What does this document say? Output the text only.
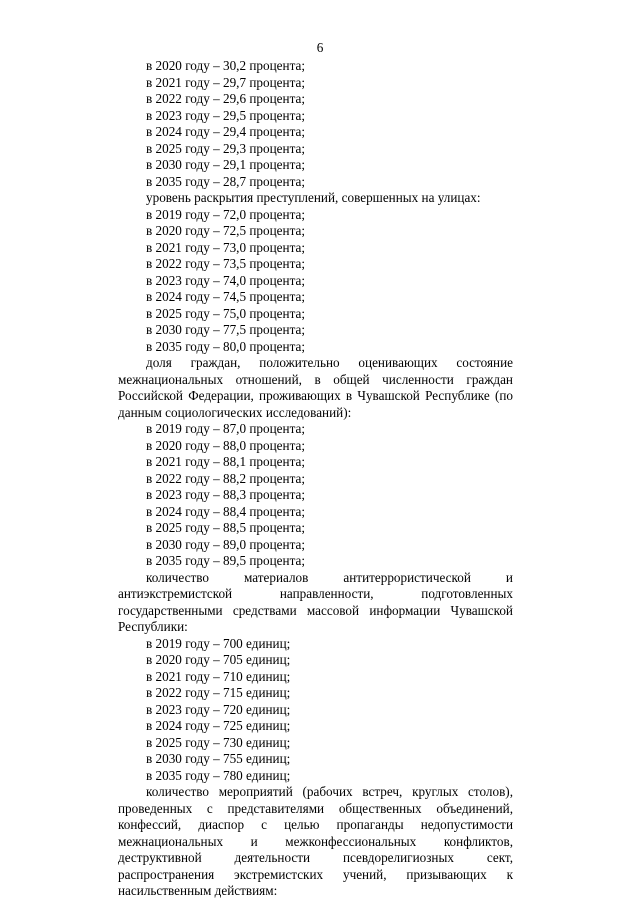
6
в 2020 году – 30,2 процента;
в 2021 году – 29,7 процента;
в 2022 году – 29,6 процента;
в 2023 году – 29,5 процента;
в 2024 году – 29,4 процента;
в 2025 году – 29,3 процента;
в 2030 году – 29,1 процента;
в 2035 году – 28,7 процента;
уровень раскрытия преступлений, совершенных на улицах:
в 2019 году – 72,0 процента;
в 2020 году – 72,5 процента;
в 2021 году – 73,0 процента;
в 2022 году – 73,5 процента;
в 2023 году – 74,0 процента;
в 2024 году – 74,5 процента;
в 2025 году – 75,0 процента;
в 2030 году – 77,5 процента;
в 2035 году – 80,0 процента;
доля граждан, положительно оценивающих состояние межнациональных отношений, в общей численности граждан Российской Федерации, проживающих в Чувашской Республике (по данным социологических исследований):
в 2019 году – 87,0 процента;
в 2020 году – 88,0 процента;
в 2021 году – 88,1 процента;
в 2022 году – 88,2 процента;
в 2023 году – 88,3 процента;
в 2024 году – 88,4 процента;
в 2025 году – 88,5 процента;
в 2030 году – 89,0 процента;
в 2035 году – 89,5 процента;
количество материалов антитеррористической и антиэкстремистской направленности, подготовленных государственными средствами массовой информации Чувашской Республики:
в 2019 году – 700 единиц;
в 2020 году – 705 единиц;
в 2021 году – 710 единиц;
в 2022 году – 715 единиц;
в 2023 году – 720 единиц;
в 2024 году – 725 единиц;
в 2025 году – 730 единиц;
в 2030 году – 755 единиц;
в 2035 году – 780 единиц;
количество мероприятий (рабочих встреч, круглых столов), проведенных с представителями общественных объединений, конфессий, диаспор с целью пропаганды недопустимости межнациональных и межконфессиональных конфликтов, деструктивной деятельности псевдорелигиозных сект, распространения экстремистских учений, призывающих к насильственным действиям:
